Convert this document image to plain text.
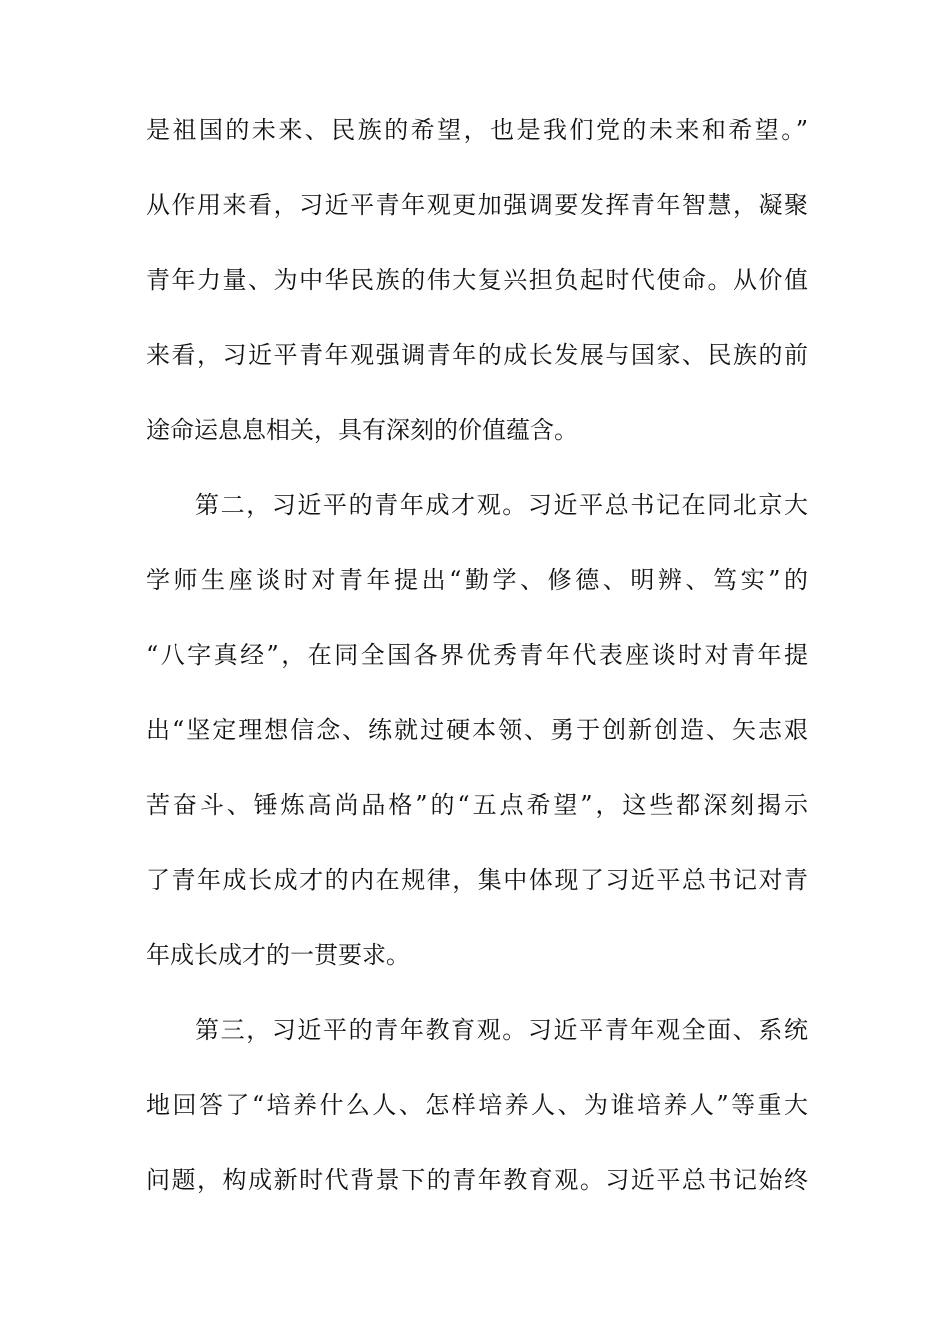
是祖国的未来、民族的希望，也是我们党的未来和希望。”
从作用来看，习近平青年观更加强调要发挥青年智慧，凝聚
青年力量、为中华民族的伟大复兴担负起时代使命。从价值
来看，习近平青年观强调青年的成长发展与国家、民族的前
途命运息息相关，具有深刻的价值蕴含。
第二，习近平的青年成才观。习近平总书记在同北京大
学师生座谈时对青年提出“勤学、修德、明辨、笃实”的
“八字真经”，在同全国各界优秀青年代表座谈时对青年提
出“坚定理想信念、练就过硬本领、勇于创新创造、矢志艰
苦奋斗、锤炼高尚品格”的“五点希望”，这些都深刻揭示
了青年成长成才的内在规律，集中体现了习近平总书记对青
年成长成才的一贯要求。
第三，习近平的青年教育观。习近平青年观全面、系统
地回答了“培养什么人、怎样培养人、为谁培养人”等重大
问题，构成新时代背景下的青年教育观。习近平总书记始终
